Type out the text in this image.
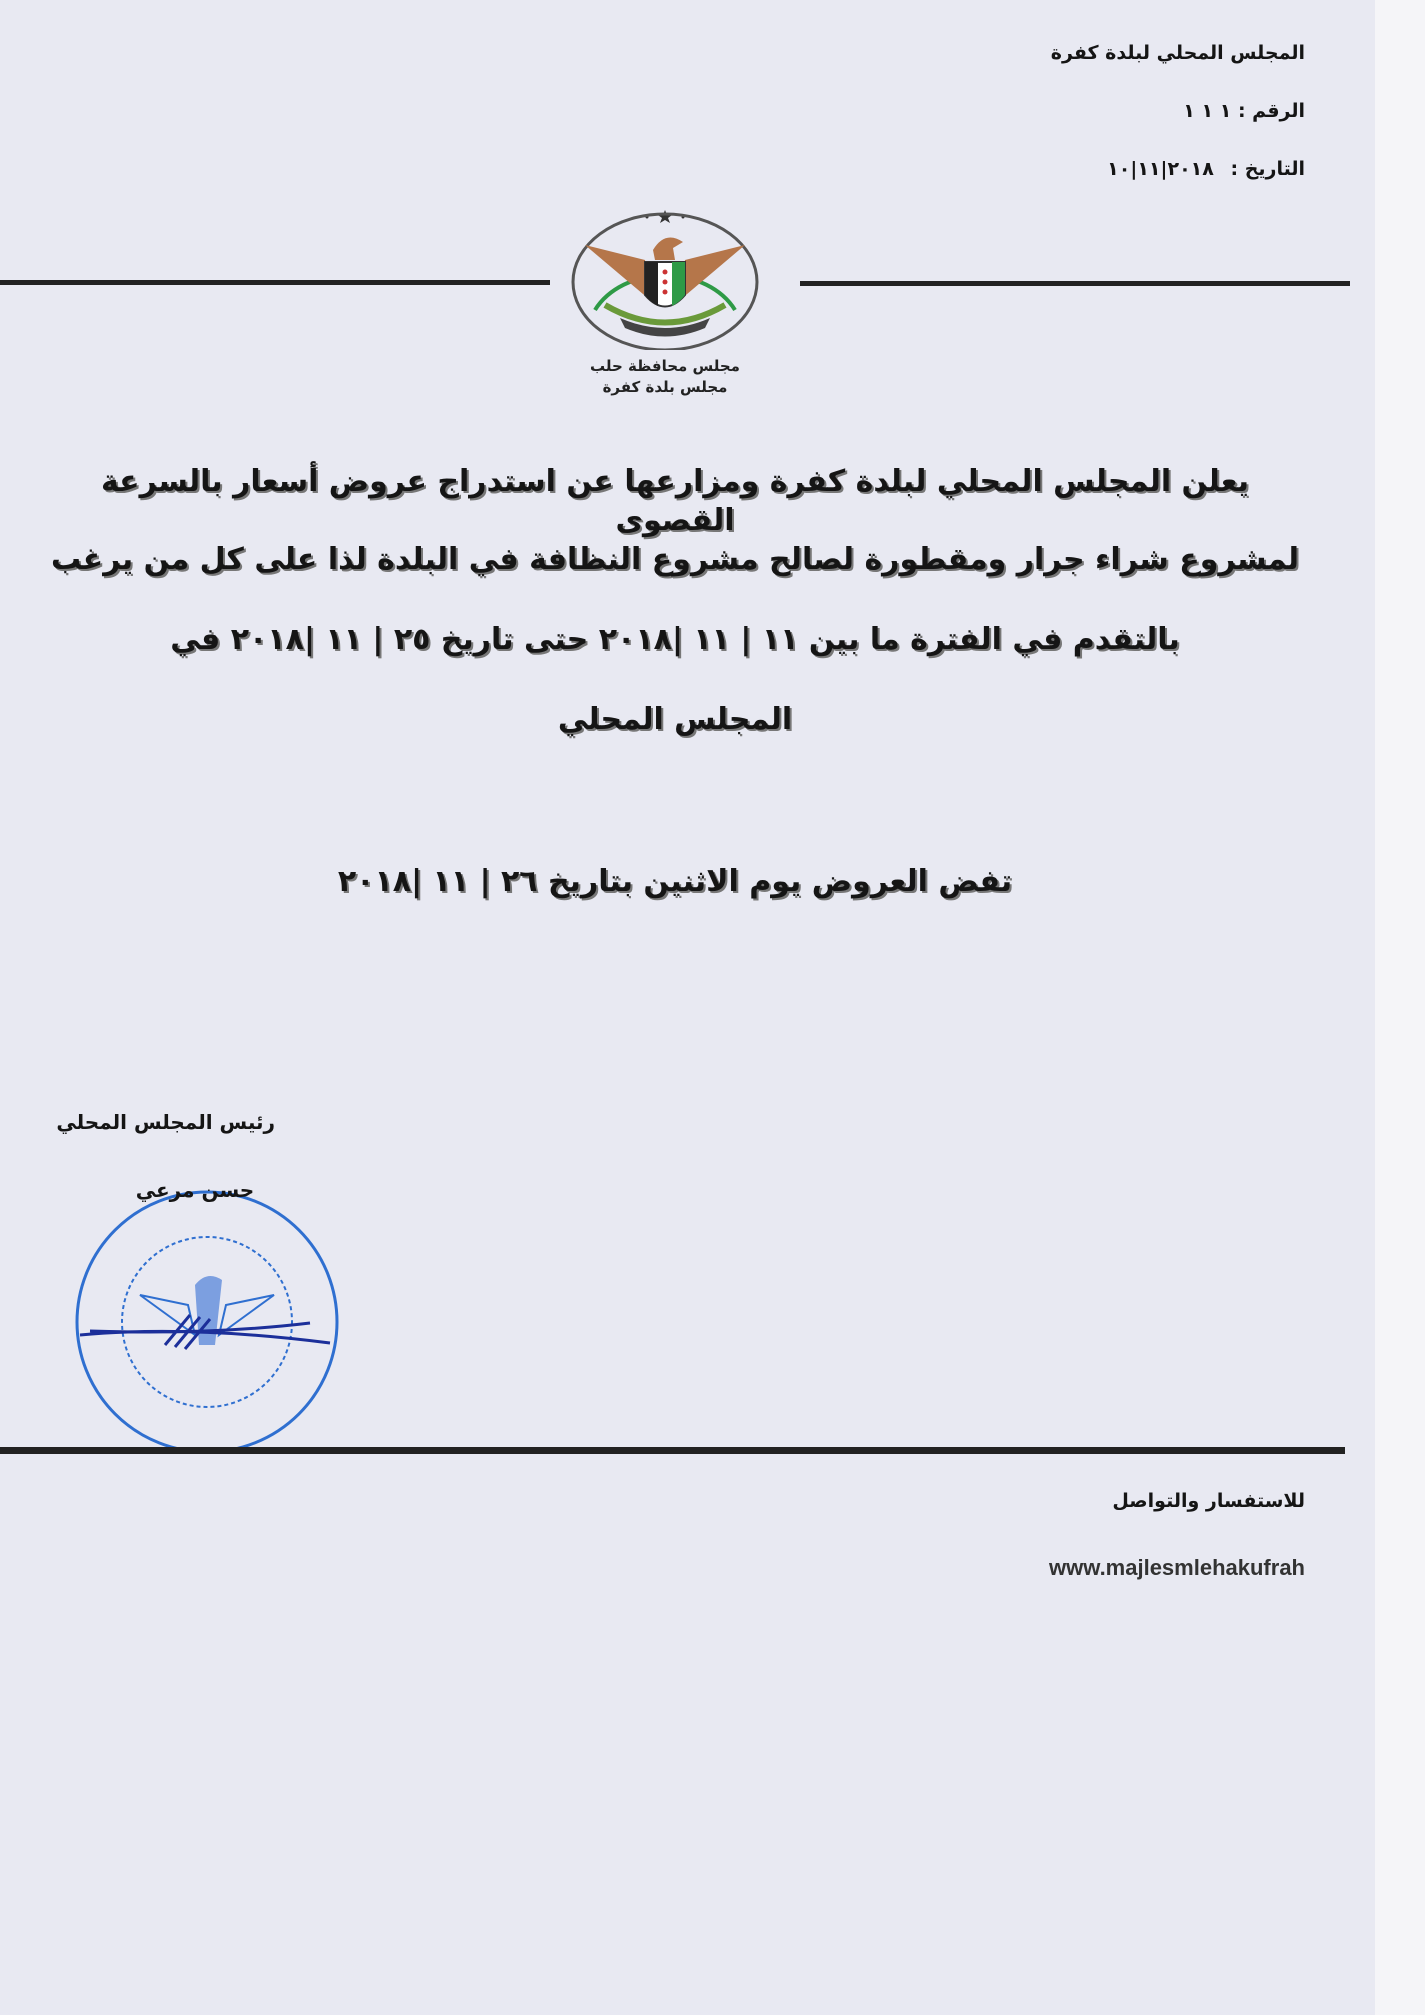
المجلس المحلي لبلدة كفرة
الرقم : ١ ١ ١
التاريخ : ٢٠١٨|١١|١٠
مجلس محافظة حلب
مجلس بلدة كفرة
يعلن المجلس المحلي لبلدة كفرة ومزارعها عن استدراج عروض أسعار بالسرعة القصوى
لمشروع شراء جرار ومقطورة لصالح مشروع النظافة في البلدة لذا على كل من يرغب
بالتقدم في الفترة ما بين ١١ | ١١ |٢٠١٨ حتى تاريخ ٢٥ | ١١ |٢٠١٨ في
المجلس المحلي
تفض العروض يوم الاثنين بتاريخ ٢٦ | ١١ |٢٠١٨
رئيس المجلس المحلي
حسن مرعي
للاستفسار والتواصل
www.majlesmlehakufrah
